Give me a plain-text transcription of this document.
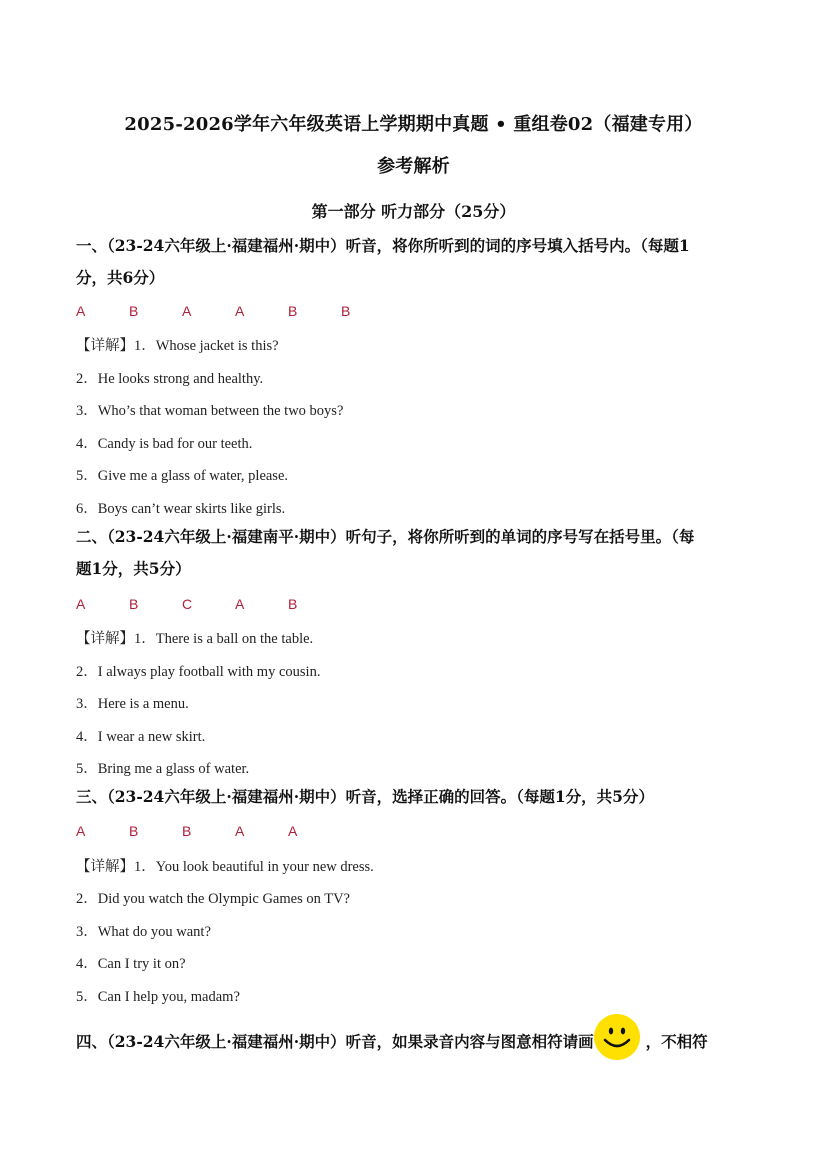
2025-2026学年六年级英语上学期期中真题 • 重组卷02（福建专用）
参考解析
第一部分 听力部分（25分）
一、（23-24六年级上·福建福州·期中）听音，将你所听到的词的序号填入括号内。（每题1
分，共6分）
A	B	A	A	B	B
【详解】1．Whose jacket is this?
2．He looks strong and healthy.
3．Who’s that woman between the two boys?
4．Candy is bad for our teeth.
5．Give me a glass of water, please.
6．Boys can’t wear skirts like girls.
二、（23-24六年级上·福建南平·期中）听句子，将你所听到的单词的序号写在括号里。（每
题1分，共5分）
A	B	C	A	B
【详解】1．There is a ball on the table.
2．I always play football with my cousin.
3．Here is a menu.
4．I wear a new skirt.
5．Bring me a glass of water.
三、（23-24六年级上·福建福州·期中）听音，选择正确的回答。（每题1分，共5分）
A	B	B	A	A
【详解】1．You look beautiful in your new dress.
2．Did you watch the Olympic Games on TV?
3．What do you want?
4．Can I try it on?
5．Can I help you, madam?
四、（23-24六年级上·福建福州·期中）听音，如果录音内容与图意相符请画	，不相符
